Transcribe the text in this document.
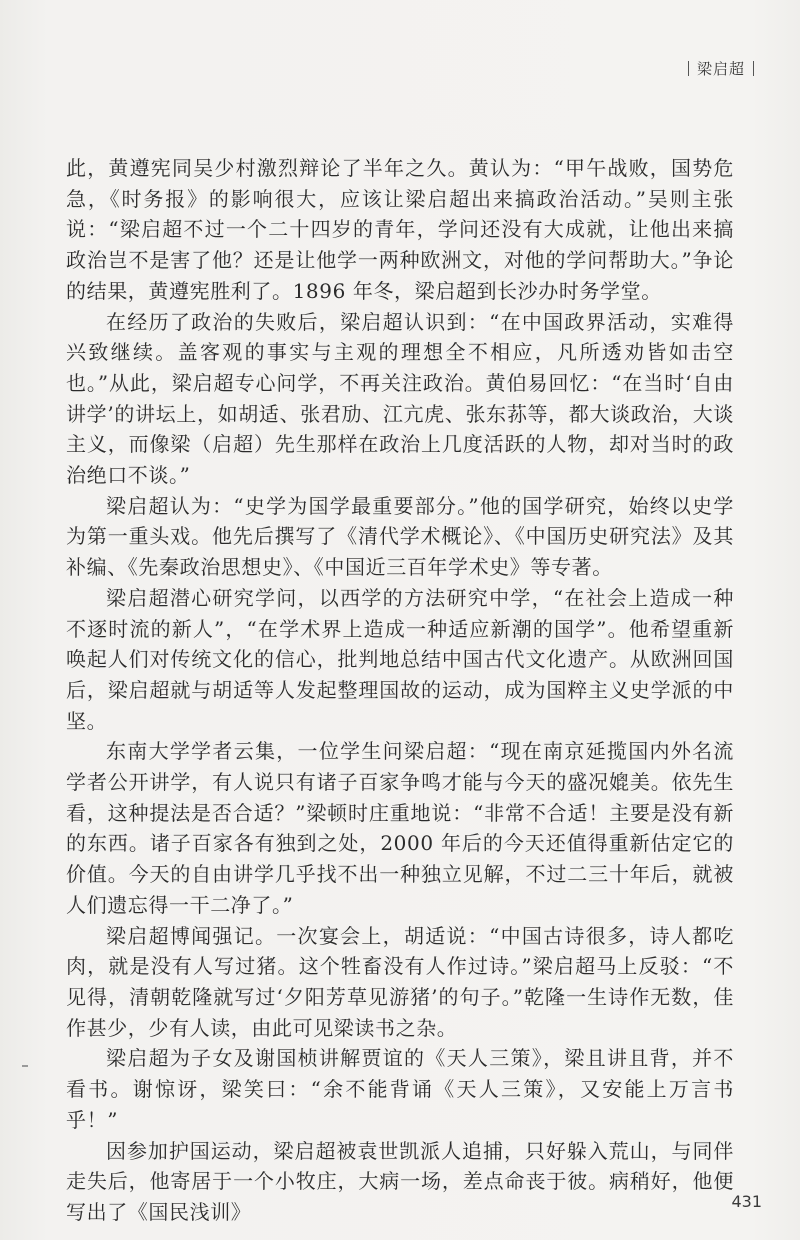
梁启超

此，黄遵宪同吴少村激烈辩论了半年之久。黄认为：“甲午战败，国势危急，《时务报》的影响很大，应该让梁启超出来搞政治活动。”吴则主张说：“梁启超不过一个二十四岁的青年，学问还没有大成就，让他出来搞政治岂不是害了他？还是让他学一两种欧洲文，对他的学问帮助大。”争论的结果，黄遵宪胜利了。1896 年冬，梁启超到长沙办时务学堂。

在经历了政治的失败后，梁启超认识到：“在中国政界活动，实难得兴致继续。盖客观的事实与主观的理想全不相应，凡所透劝皆如击空也。”从此，梁启超专心问学，不再关注政治。黄伯易回忆：“在当时‘自由讲学’的讲坛上，如胡适、张君劢、江亢虎、张东荪等，都大谈政治，大谈主义，而像梁（启超）先生那样在政治上几度活跃的人物，却对当时的政治绝口不谈。”

梁启超认为：“史学为国学最重要部分。”他的国学研究，始终以史学为第一重头戏。他先后撰写了《清代学术概论》、《中国历史研究法》及其补编、《先秦政治思想史》、《中国近三百年学术史》等专著。

梁启超潜心研究学问，以西学的方法研究中学，“在社会上造成一种不逐时流的新人”，“在学术界上造成一种适应新潮的国学”。他希望重新唤起人们对传统文化的信心，批判地总结中国古代文化遗产。从欧洲回国后，梁启超就与胡适等人发起整理国故的运动，成为国粹主义史学派的中坚。

东南大学学者云集，一位学生问梁启超：“现在南京延揽国内外名流学者公开讲学，有人说只有诸子百家争鸣才能与今天的盛况媲美。依先生看，这种提法是否合适？”梁顿时庄重地说：“非常不合适！主要是没有新的东西。诸子百家各有独到之处，2000 年后的今天还值得重新估定它的价值。今天的自由讲学几乎找不出一种独立见解，不过二三十年后，就被人们遗忘得一干二净了。”

梁启超博闻强记。一次宴会上，胡适说：“中国古诗很多，诗人都吃肉，就是没有人写过猪。这个牲畜没有人作过诗。”梁启超马上反驳：“不见得，清朝乾隆就写过‘夕阳芳草见游猪’的句子。”乾隆一生诗作无数，佳作甚少，少有人读，由此可见梁读书之杂。

梁启超为子女及谢国桢讲解贾谊的《天人三策》，梁且讲且背，并不看书。谢惊讶，梁笑曰：“余不能背诵《天人三策》，又安能上万言书乎！”

因参加护国运动，梁启超被袁世凯派人追捕，只好躲入荒山，与同伴走失后，他寄居于一个小牧庄，大病一场，差点命丧于彼。病稍好，他便写出了《国民浅训》	431
